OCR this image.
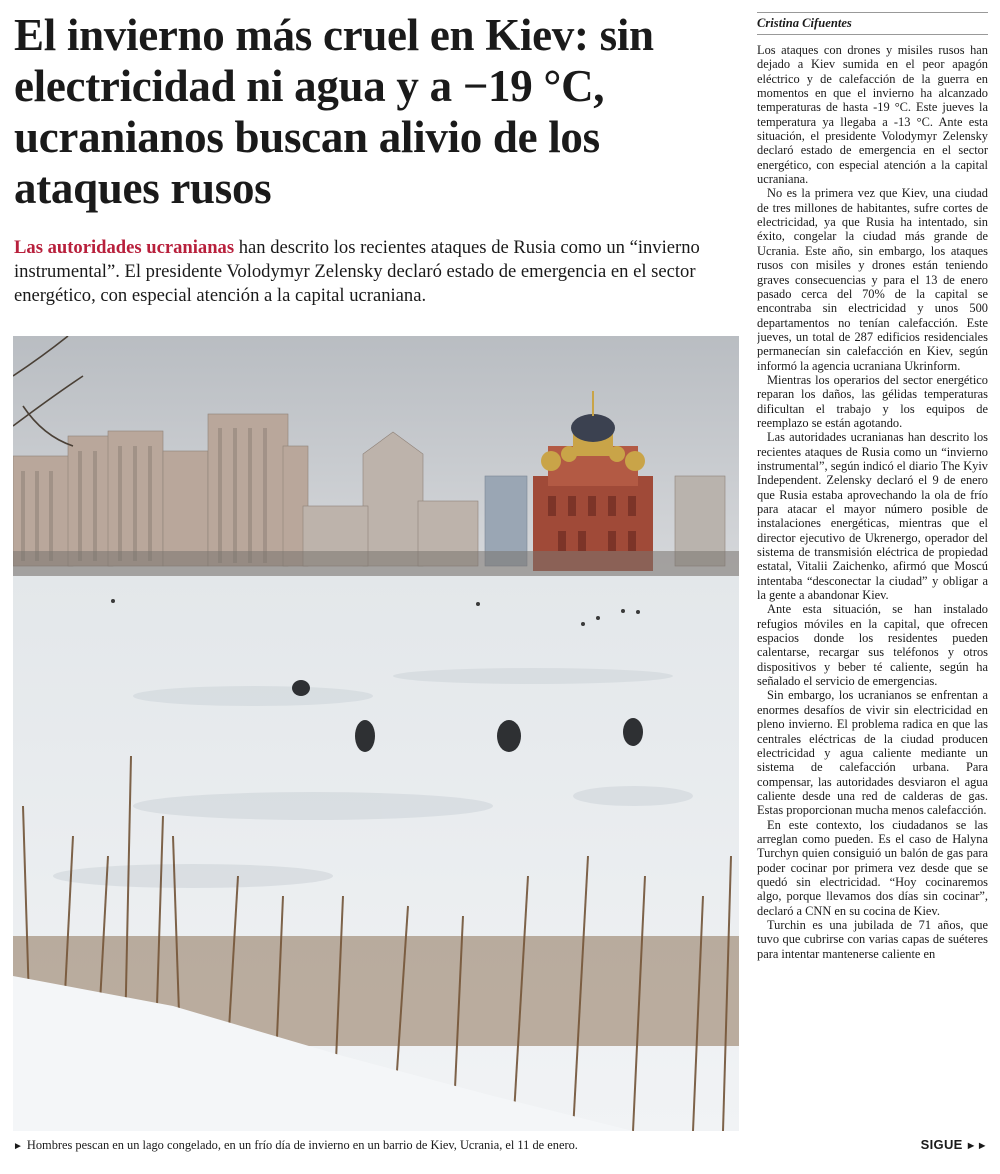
El invierno más cruel en Kiev: sin electricidad ni agua y a −19 °C, ucranianos buscan alivio de los ataques rusos

Las autoridades ucranianas han descrito los recientes ataques de Rusia como un “invierno instrumental”. El presidente Volodymyr Zelensky declaró estado de emergencia en el sector energético, con especial atención a la capital ucraniana.

► Hombres pescan en un lago congelado, en un frío día de invierno en un barrio de Kiev, Ucrania, el 11 de enero.
Cristina Cifuentes

Los ataques con drones y misiles rusos han dejado a Kiev sumida en el peor apagón eléctrico y de calefacción de la guerra en momentos en que el invierno ha alcanzado temperaturas de hasta -19 °C. Este jueves la temperatura ya llegaba a -13 °C. Ante esta situación, el presidente Volodymyr Zelensky declaró estado de emergencia en el sector energético, con especial atención a la capital ucraniana.

No es la primera vez que Kiev, una ciudad de tres millones de habitantes, sufre cortes de electricidad, ya que Rusia ha intentado, sin éxito, congelar la ciudad más grande de Ucrania. Este año, sin embargo, los ataques rusos con misiles y drones están teniendo graves consecuencias y para el 13 de enero pasado cerca del 70% de la capital se encontraba sin electricidad y unos 500 departamentos no tenían calefacción. Este jueves, un total de 287 edificios residenciales permanecían sin calefacción en Kiev, según informó la agencia ucraniana Ukrinform.

Mientras los operarios del sector energético reparan los daños, las gélidas temperaturas dificultan el trabajo y los equipos de reemplazo se están agotando.

Las autoridades ucranianas han descrito los recientes ataques de Rusia como un “invierno instrumental”, según indicó el diario The Kyiv Independent. Zelensky declaró el 9 de enero que Rusia estaba aprovechando la ola de frío para atacar el mayor número posible de instalaciones energéticas, mientras que el director ejecutivo de Ukrenergo, operador del sistema de transmisión eléctrica de propiedad estatal, Vitalii Zaichenko, afirmó que Moscú intentaba “desconectar la ciudad” y obligar a la gente a abandonar Kiev.

Ante esta situación, se han instalado refugios móviles en la capital, que ofrecen espacios donde los residentes pueden calentarse, recargar sus teléfonos y otros dispositivos y beber té caliente, según ha señalado el servicio de emergencias.

Sin embargo, los ucranianos se enfrentan a enormes desafíos de vivir sin electricidad en pleno invierno. El problema radica en que las centrales eléctricas de la ciudad producen electricidad y agua caliente mediante un sistema de calefacción urbana. Para compensar, las autoridades desviaron el agua caliente desde una red de calderas de gas. Estas proporcionan mucha menos calefacción.

En este contexto, los ciudadanos se las arreglan como pueden. Es el caso de Halyna Turchyn quien consiguió un balón de gas para poder cocinar por primera vez desde que se quedó sin electricidad. “Hoy cocinaremos algo, porque llevamos dos días sin cocinar”, declaró a CNN en su cocina de Kiev.

Turchin es una jubilada de 71 años, que tuvo que cubrirse con varias capas de suéteres para intentar mantenerse caliente en

SIGUE ►►
